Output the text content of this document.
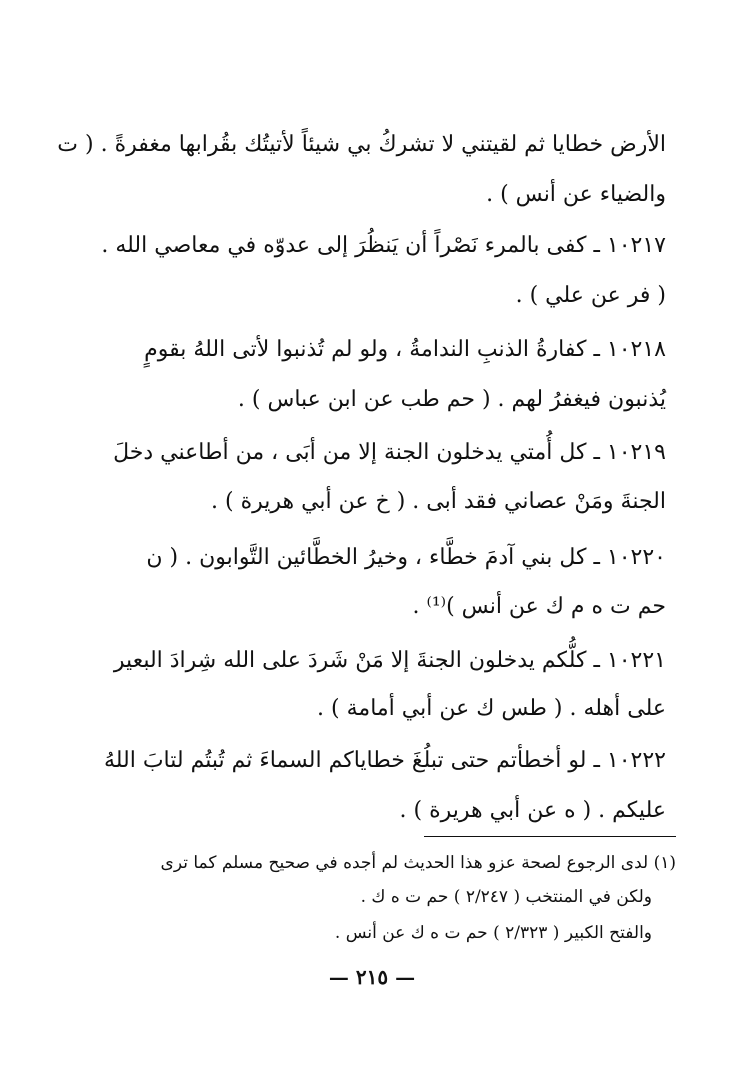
الأرض خطايا ثم لقيتني لا تشركُ بي شيئاً لأتيتُك بقُرابها مغفرةً . ( ت
والضياء عن أنس ) .
١٠٢١٧ ـ كفى بالمرء نَصْراً أن يَنظُرَ إلى عدوّه في معاصي الله .
( فر عن علي ) .
١٠٢١٨ ـ كفارةُ الذنبِ الندامةُ ، ولو لم تُذنبوا لأتى اللهُ بقومٍ
يُذنبون فيغفرُ لهم . ( حم طب عن ابن عباس ) .
١٠٢١٩ ـ كل أُمتي يدخلون الجنة إلا من أبَى ، من أطاعني دخلَ
الجنةَ ومَنْ عصاني فقد أبى . ( خ عن أبي هريرة ) .
١٠٢٢٠ ـ كل بني آدمَ خطَّاء ، وخيرُ الخطَّائين التَّوابون . ( ن
حم ت ه م ك عن أنس )⁽¹⁾ .
١٠٢٢١ ـ كلُّكم يدخلون الجنةَ إلا مَنْ شَردَ على الله شِرادَ البعير
على أهله . ( طس ك عن أبي أمامة ) .
١٠٢٢٢ ـ لو أخطأتم حتى تبلُغَ خطاياكم السماءَ ثم تُبتُم لتابَ اللهُ
عليكم . ( ه عن أبي هريرة ) .
(١) لدى الرجوع لصحة عزو هذا الحديث لم أجده في صحيح مسلم كما ترى
ولكن في المنتخب ( ٢/٢٤٧ ) حم ت ه ك .
والفتح الكبير ( ٢/٣٢٣ ) حم ت ه ك عن أنس .
— ٢١٥ —
